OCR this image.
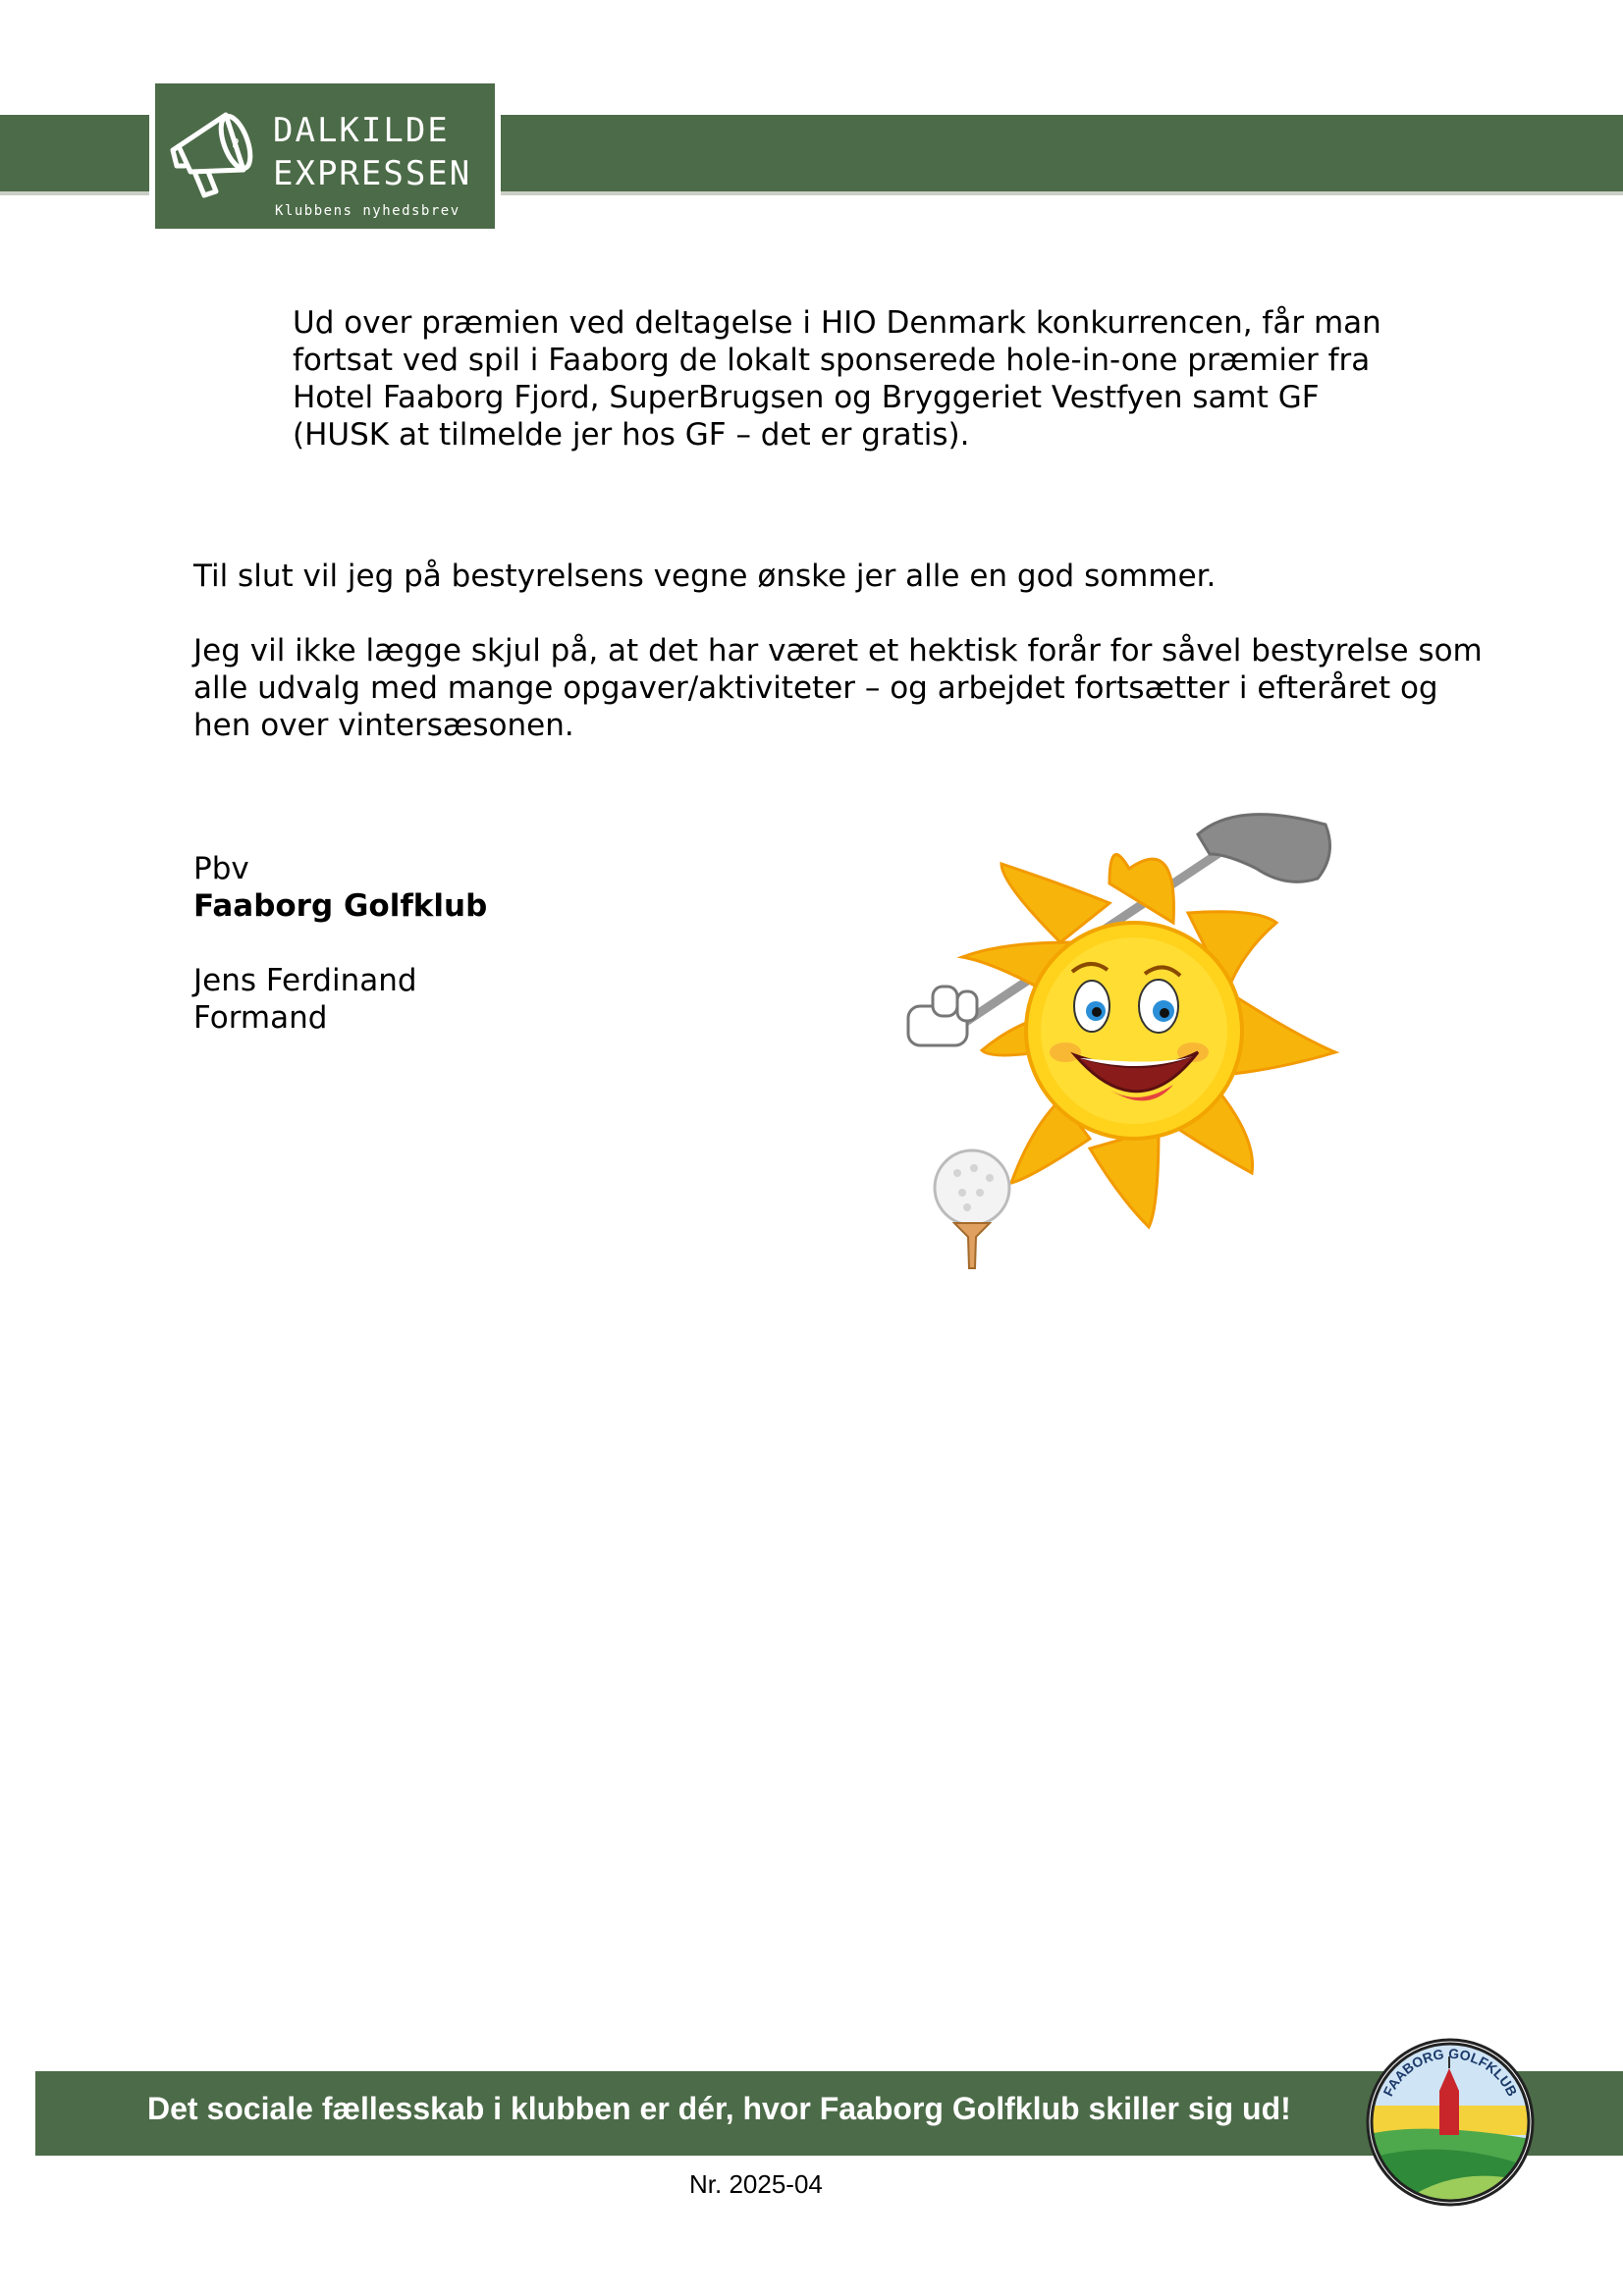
P DALKILDE
EXPRESSEN
Klubbens nyhedsbrev
Ud over præmien ved deltagelse i HIO Denmark konkurrencen, får man fortsat ved spil i Faaborg de lokalt sponserede hole-in-one præmier fra Hotel Faaborg Fjord, SuperBrugsen og Bryggeriet Vestfyen samt GF (HUSK at tilmelde jer hos GF – det er gratis).
Til slut vil jeg på bestyrelsens vegne ønske jer alle en god sommer.
Jeg vil ikke lægge skjul på, at det har været et hektisk forår for såvel bestyrelse som alle udvalg med mange opgaver/aktiviteter – og arbejdet fortsætter i efteråret og hen over vintersæsonen.
Pbv
Faaborg Golfklub
Jens Ferdinand
Formand
Det sociale fællesskab i klubben er dér, hvor Faaborg Golfklub skiller sig ud!	FAABORG GOLFKLUB
Nr. 2025-04
